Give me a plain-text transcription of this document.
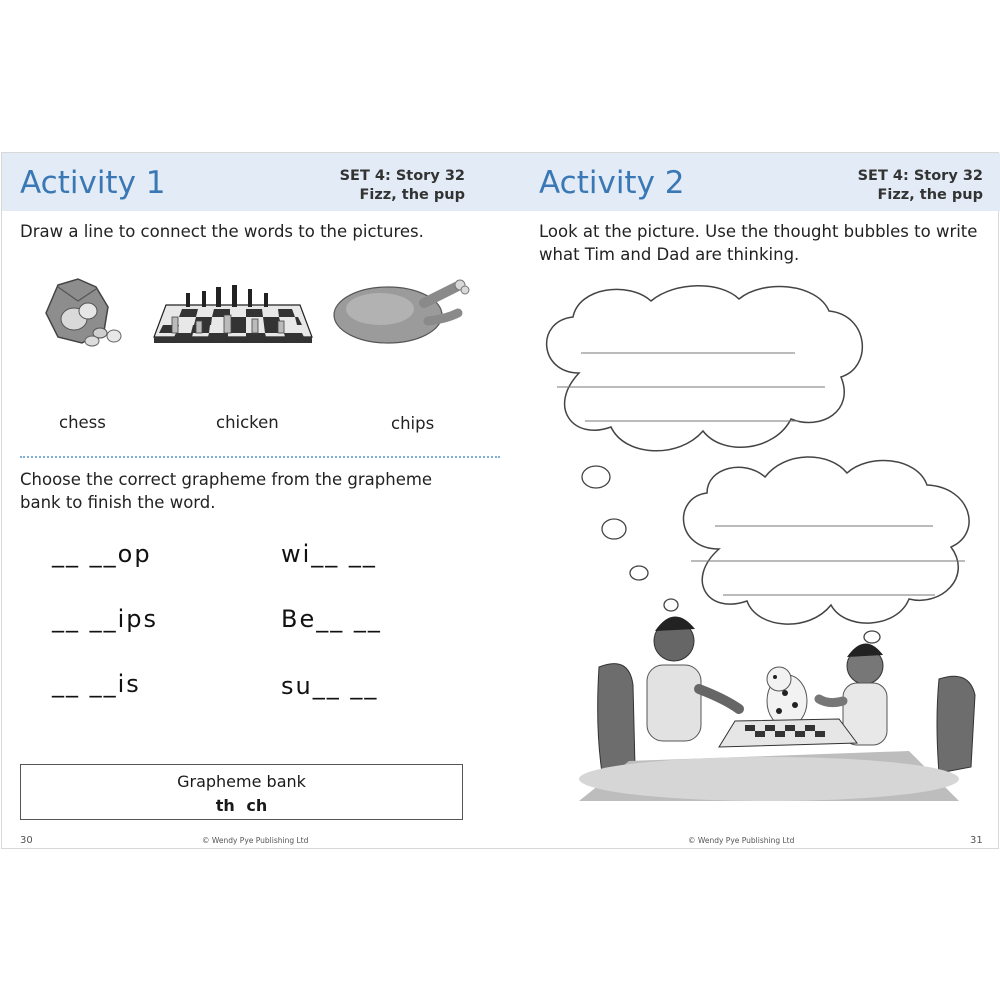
Activity 1	SET 4: Story 32
Fizz, the pup
Draw a line to connect the words to the pictures.
chess	chicken	chips
Choose the correct grapheme from the grapheme bank to finish the word.
__ __op	wi__ __
__ __ips	Be__ __
__ __is	su__ __
Grapheme bank
th ch
30	© Wendy Pye Publishing Ltd
Activity 2	SET 4: Story 32
Fizz, the pup
Look at the picture. Use the thought bubbles to write what Tim and Dad are thinking.
© Wendy Pye Publishing Ltd	31
